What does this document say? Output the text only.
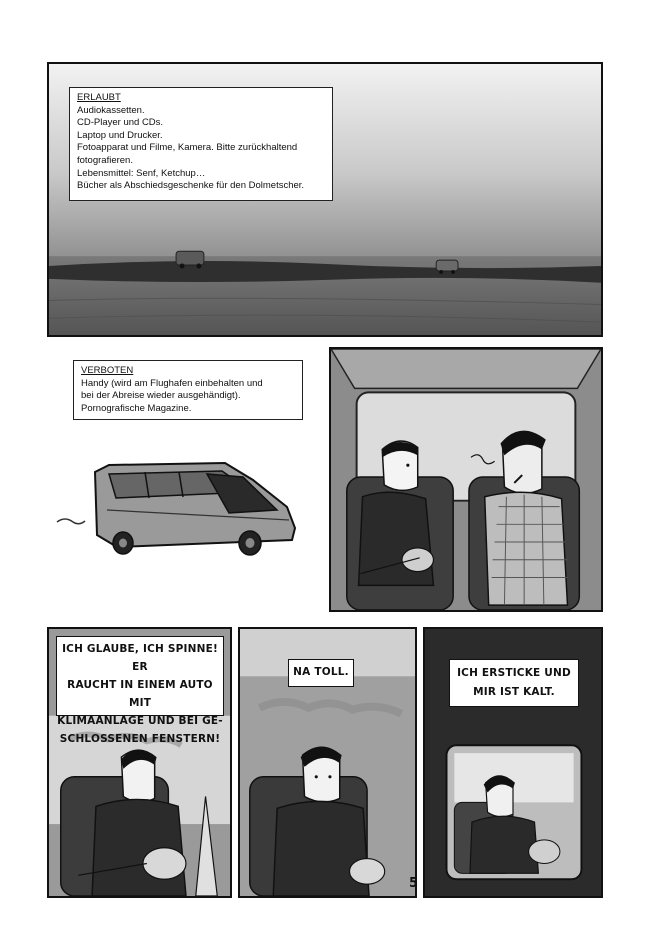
ERLAUBT
Audiokassetten.
CD-Player und CDs.
Laptop und Drucker.
Fotoapparat und Filme, Kamera. Bitte zurückhaltend
fotografieren.
Lebensmittel: Senf, Ketchup…
Bücher als Abschiedsgeschenke für den Dolmetscher.
VERBOTEN
Handy (wird am Flughafen einbehalten und
bei der Abreise wieder ausgehändigt).
Pornografische Magazine.
ICH GLAUBE, ICH SPINNE! ER
RAUCHT IN EINEM AUTO MIT
KLIMAANLAGE UND BEI GE-
SCHLOSSENEN FENSTERN!
NA TOLL.	ICH ERSTICKE UND
MIR IST KALT.
5
